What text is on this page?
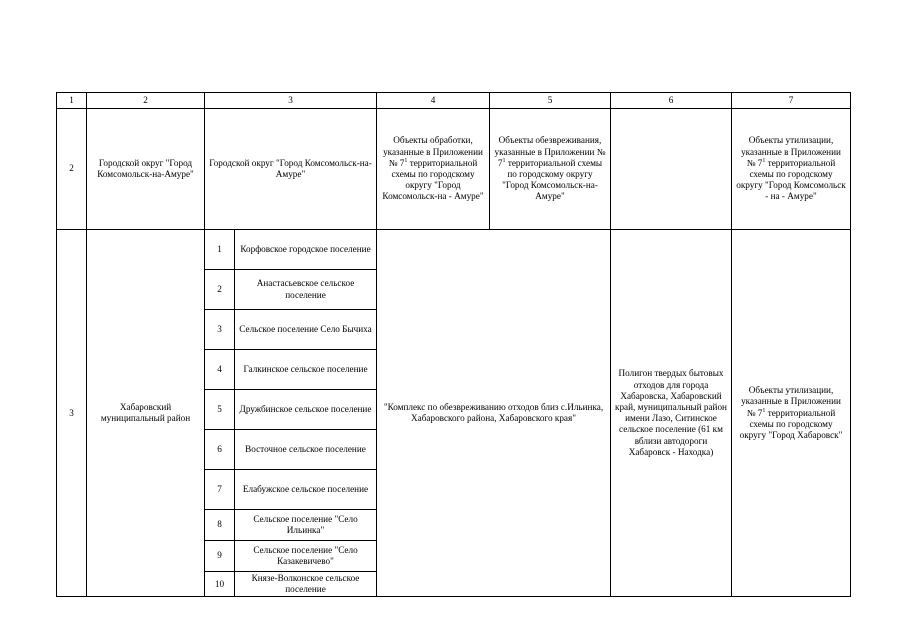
1	2	3		4	5	6	7
2	Городской округ "Город Комсомольск-на-Амуре"	Городской округ "Город Комсомольск-на-Амуре"		Объекты обработки, указанные в Приложении № $7^1$ территориальной схемы по городскому округу "Город Комсомольск-на - Амуре"	Объекты обезвреживания, указанные в Приложении № $7^1$ территориальной схемы по городскому округу "Город Комсомольск-на-Амуре"		Объекты утилизации, указанные в Приложении № $7^1$ территориальной схемы по городскому округу "Город Комсомольск - на - Амуре"
3	Хабаровский муниципальный район	1	Корфовское городское поселение	"Комплекс по обезвреживанию отходов близ с.Ильинка, Хабаровского района, Хабаровского края"		Полигон твердых бытовых отходов для города Хабаровска, Хабаровский край, муниципальный район имени Лазо, Ситинское сельское поселение (61 км вблизи автодороги Хабаровск - Находка)	Объекты утилизации, указанные в Приложении № $7^1$ территориальной схемы по городскому округу "Город Хабаровск"
		2	Анастасьевское сельское поселение				
		3	Сельское поселение Село Бычиха				
		4	Галкинское сельское поселение				
		5	Дружбинское сельское поселение				
		6	Восточное сельское поселение				
		7	Елабужское сельское поселение				
		8	Сельское поселение "Село Ильинка"				
		9	Сельское поселение "Село Казакевичево"				
		10	Князе-Волконское сельское поселение				
